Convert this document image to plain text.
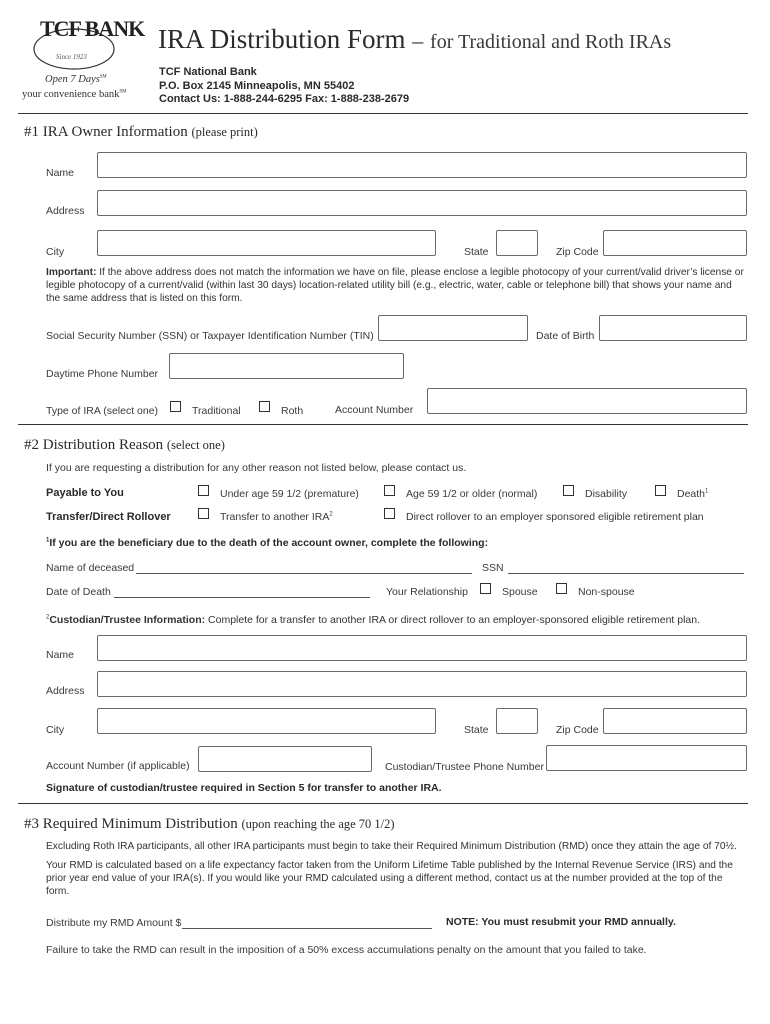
TCF BANK
Since 1923
Open 7 Days℠
your convenience bank℠
IRA Distribution Form – for Traditional and Roth IRAs
TCF National Bank
P.O. Box 2145 Minneapolis, MN 55402
Contact Us: 1-888-244-6295 Fax: 1-888-238-2679
#1 IRA Owner Information (please print)
Name
Address
City	State	Zip Code
Important: If the above address does not match the information we have on file, please enclose a legible photocopy of your current/valid driver’s license or legible photocopy of a current/valid (within last 30 days) location-related utility bill (e.g., electric, water, cable or telephone bill) that shows your name and the same address that is listed on this form.
Social Security Number (SSN) or Taxpayer Identification Number (TIN)	Date of Birth
Daytime Phone Number
Type of IRA (select one)	Traditional	Roth	Account Number
#2 Distribution Reason (select one)
If you are requesting a distribution for any other reason not listed below, please contact us.
Payable to You	Under age 59 1/2 (premature)	Age 59 1/2 or older (normal)	Disability	Death$^1$
Transfer/Direct Rollover	Transfer to another IRA$^2$	Direct rollover to an employer sponsored eligible retirement plan
$^1$If you are the beneficiary due to the death of the account owner, complete the following:
Name of deceased	SSN
Date of Death	Your Relationship	Spouse	Non-spouse
$^2$Custodian/Trustee Information: Complete for a transfer to another IRA or direct rollover to an employer-sponsored eligible retirement plan.
Name
Address
City	State	Zip Code
Account Number (if applicable)	Custodian/Trustee Phone Number
Signature of custodian/trustee required in Section 5 for transfer to another IRA.
#3 Required Minimum Distribution (upon reaching the age 70 1/2)
Excluding Roth IRA participants, all other IRA participants must begin to take their Required Minimum Distribution (RMD) once they attain the age of 70½.
Your RMD is calculated based on a life expectancy factor taken from the Uniform Lifetime Table published by the Internal Revenue Service (IRS) and the prior year end value of your IRA(s). If you would like your RMD calculated using a different method, contact us at the number provided at the top of the form.
Distribute my RMD Amount $	NOTE: You must resubmit your RMD annually.
Failure to take the RMD can result in the imposition of a 50% excess accumulations penalty on the amount that you failed to take.
